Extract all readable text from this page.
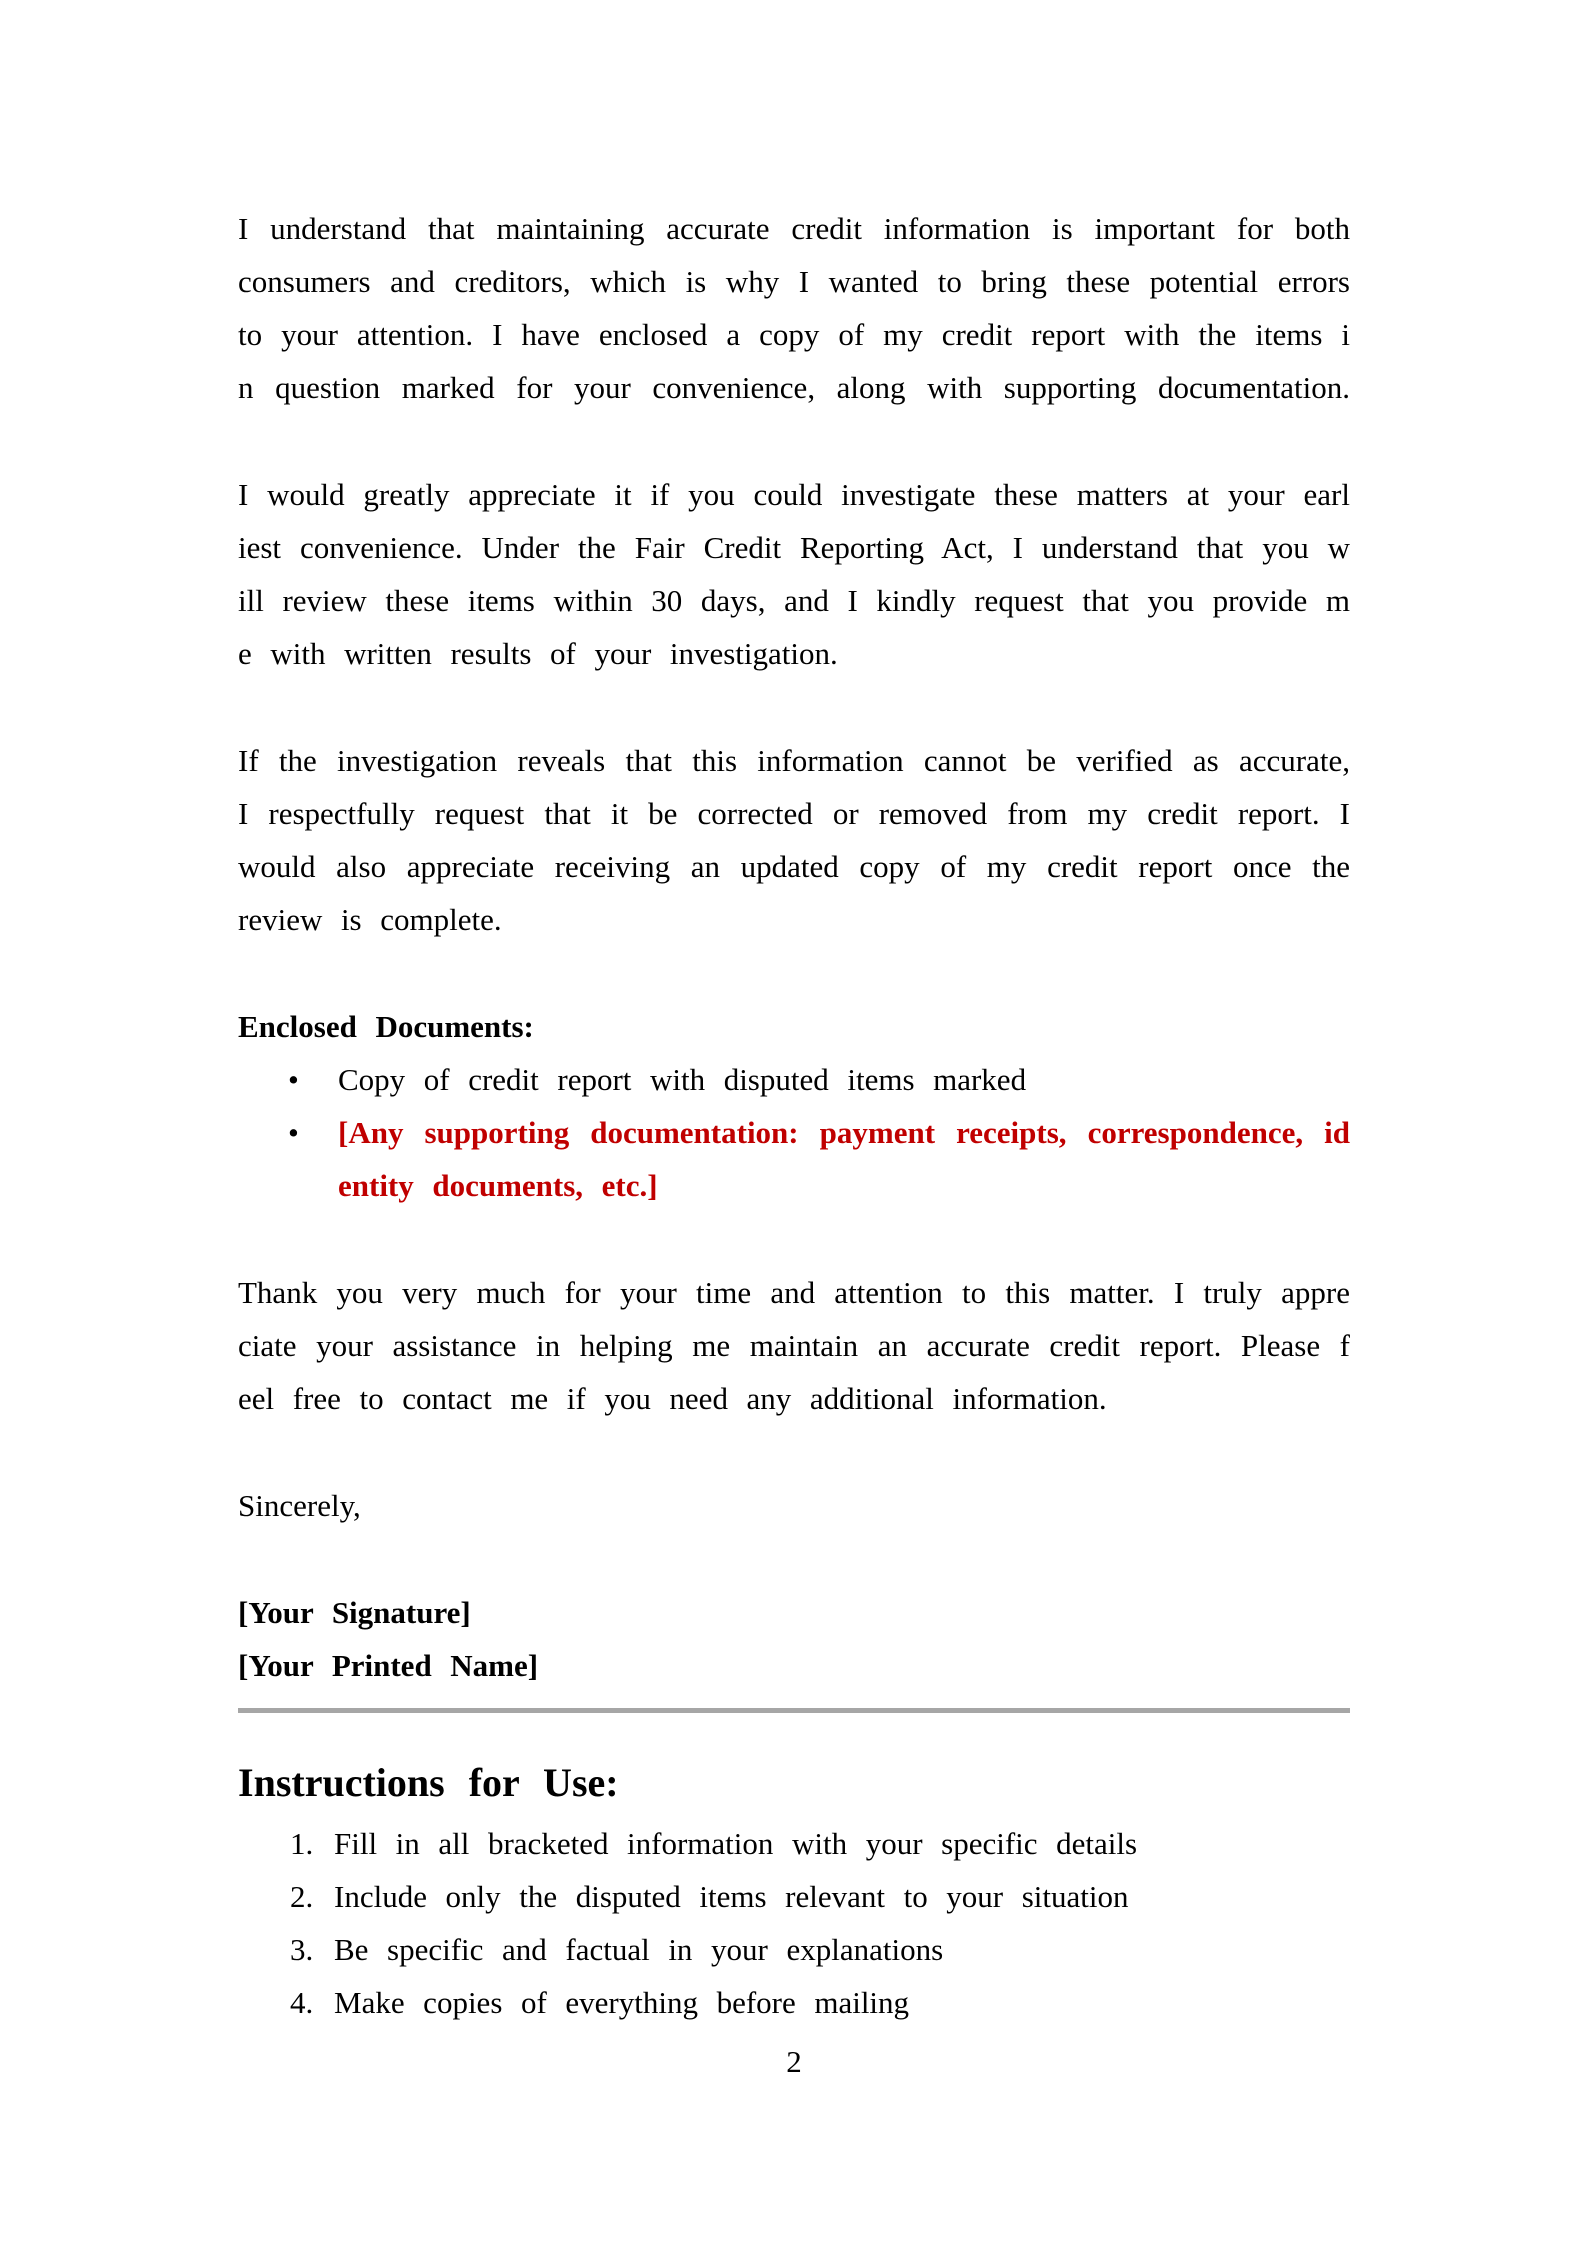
I understand that maintaining accurate credit information is important for both
consumers and creditors, which is why I wanted to bring these potential errors
to your attention. I have enclosed a copy of my credit report with the items i
n question marked for your convenience, along with supporting documentation.

I would greatly appreciate it if you could investigate these matters at your earl
iest convenience. Under the Fair Credit Reporting Act, I understand that you w
ill review these items within 30 days, and I kindly request that you provide m
e with written results of your investigation.

If the investigation reveals that this information cannot be verified as accurate,
I respectfully request that it be corrected or removed from my credit report. I
would also appreciate receiving an updated copy of my credit report once the
review is complete.

Enclosed Documents:
• Copy of credit report with disputed items marked
• [Any supporting documentation: payment receipts, correspondence, id
entity documents, etc.]

Thank you very much for your time and attention to this matter. I truly appre
ciate your assistance in helping me maintain an accurate credit report. Please f
eel free to contact me if you need any additional information.

Sincerely,

[Your Signature]
[Your Printed Name]
Instructions for Use:
1. Fill in all bracketed information with your specific details
2. Include only the disputed items relevant to your situation
3. Be specific and factual in your explanations
4. Make copies of everything before mailing
2
